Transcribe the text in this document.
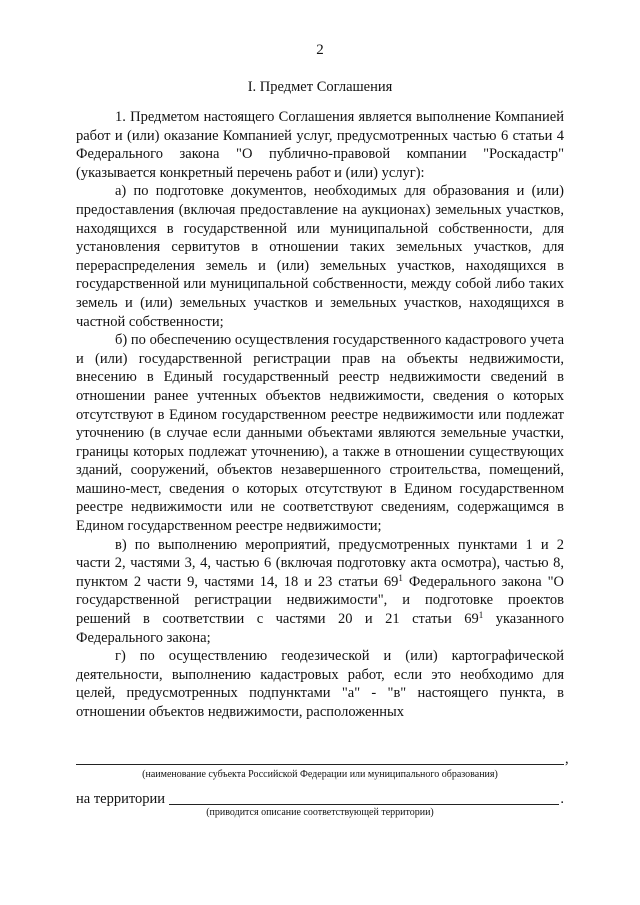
2
I. Предмет Соглашения

1. Предметом настоящего Соглашения является выполнение Компанией работ и (или) оказание Компанией услуг, предусмотренных частью 6 статьи 4 Федерального закона "О публично-правовой компании "Роскадастр" (указывается конкретный перечень работ и (или) услуг):

а) по подготовке документов, необходимых для образования и (или) предоставления (включая предоставление на аукционах) земельных участков, находящихся в государственной или муниципальной собственности, для установления сервитутов в отношении таких земельных участков, для перераспределения земель и (или) земельных участков, находящихся в государственной или муниципальной собственности, между собой либо таких земель и (или) земельных участков и земельных участков, находящихся в частной собственности;

б) по обеспечению осуществления государственного кадастрового учета и (или) государственной регистрации прав на объекты недвижимости, внесению в Единый государственный реестр недвижимости сведений в отношении ранее учтенных объектов недвижимости, сведения о которых отсутствуют в Едином государственном реестре недвижимости или подлежат уточнению (в случае если данными объектами являются земельные участки, границы которых подлежат уточнению), а также в отношении существующих зданий, сооружений, объектов незавершенного строительства, помещений, машино-мест, сведения о которых отсутствуют в Едином государственном реестре недвижимости или не соответствуют сведениям, содержащимся в Едином государственном реестре недвижимости;

в) по выполнению мероприятий, предусмотренных пунктами 1 и 2 части 2, частями 3, 4, частью 6 (включая подготовку акта осмотра), частью 8, пунктом 2 части 9, частями 14, 18 и 23 статьи $69^1$ Федерального закона "О государственной регистрации недвижимости", и подготовке проектов решений в соответствии с частями 20 и 21 статьи $69^1$ указанного Федерального закона;

г) по осуществлению геодезической и (или) картографической деятельности, выполнению кадастровых работ, если это необходимо для целей, предусмотренных подпунктами "а" - "в" настоящего пункта, в отношении объектов недвижимости, расположенных

,
(наименование субъекта Российской Федерации или муниципального образования)
на территории	.
(приводится описание соответствующей территории)
